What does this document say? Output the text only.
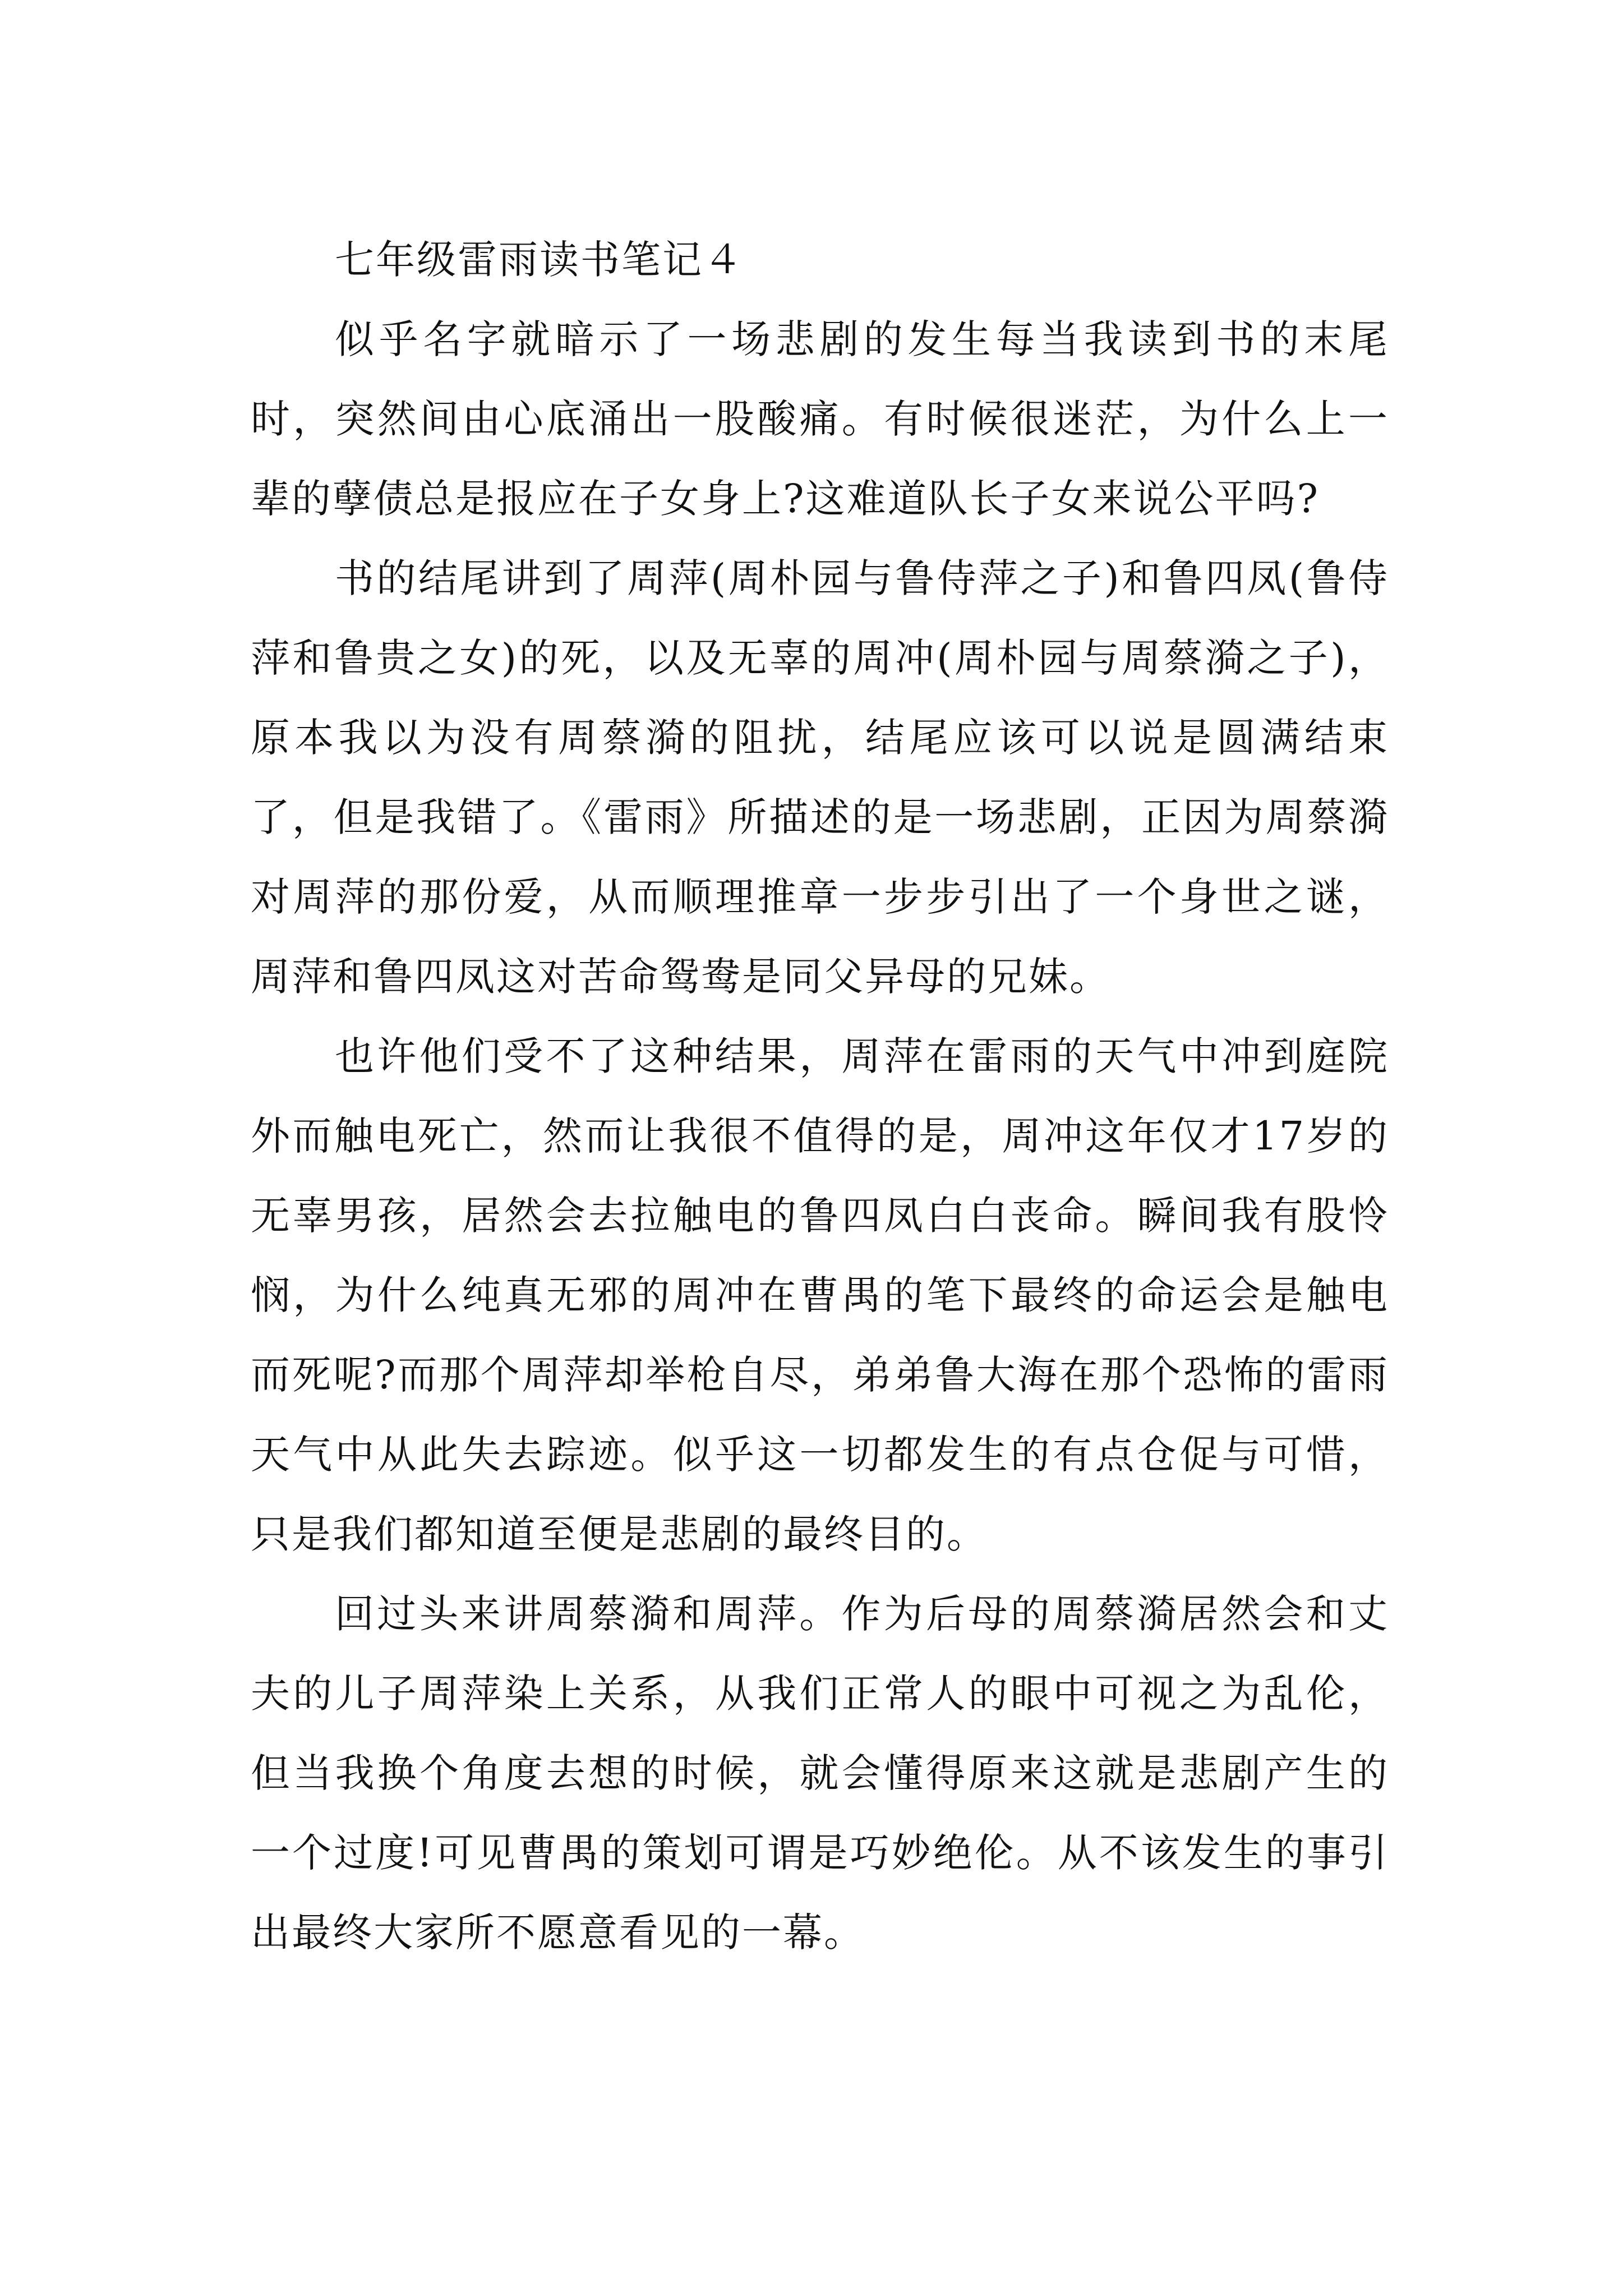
七年级雷雨读书笔记４

似乎名字就暗示了一场悲剧的发生每当我读到书的末尾时，突然间由心底涌出一股酸痛。有时候很迷茫，为什么上一辈的孽债总是报应在子女身上?这难道队长子女来说公平吗?

书的结尾讲到了周萍(周朴园与鲁侍萍之子)和鲁四凤(鲁侍萍和鲁贵之女)的死，以及无辜的周冲(周朴园与周蔡漪之子)，原本我以为没有周蔡漪的阻扰，结尾应该可以说是圆满结束了，但是我错了。《雷雨》所描述的是一场悲剧，正因为周蔡漪对周萍的那份爱，从而顺理推章一步步引出了一个身世之谜，周萍和鲁四凤这对苦命鸳鸯是同父异母的兄妹。

也许他们受不了这种结果，周萍在雷雨的天气中冲到庭院外而触电死亡，然而让我很不值得的是，周冲这年仅才17岁的无辜男孩，居然会去拉触电的鲁四凤白白丧命。瞬间我有股怜悯，为什么纯真无邪的周冲在曹禺的笔下最终的命运会是触电而死呢?而那个周萍却举枪自尽，弟弟鲁大海在那个恐怖的雷雨天气中从此失去踪迹。似乎这一切都发生的有点仓促与可惜，只是我们都知道至便是悲剧的最终目的。

回过头来讲周蔡漪和周萍。作为后母的周蔡漪居然会和丈夫的儿子周萍染上关系，从我们正常人的眼中可视之为乱伦，但当我换个角度去想的时候，就会懂得原来这就是悲剧产生的一个过度!可见曹禺的策划可谓是巧妙绝伦。从不该发生的事引出最终大家所不愿意看见的一幕。
